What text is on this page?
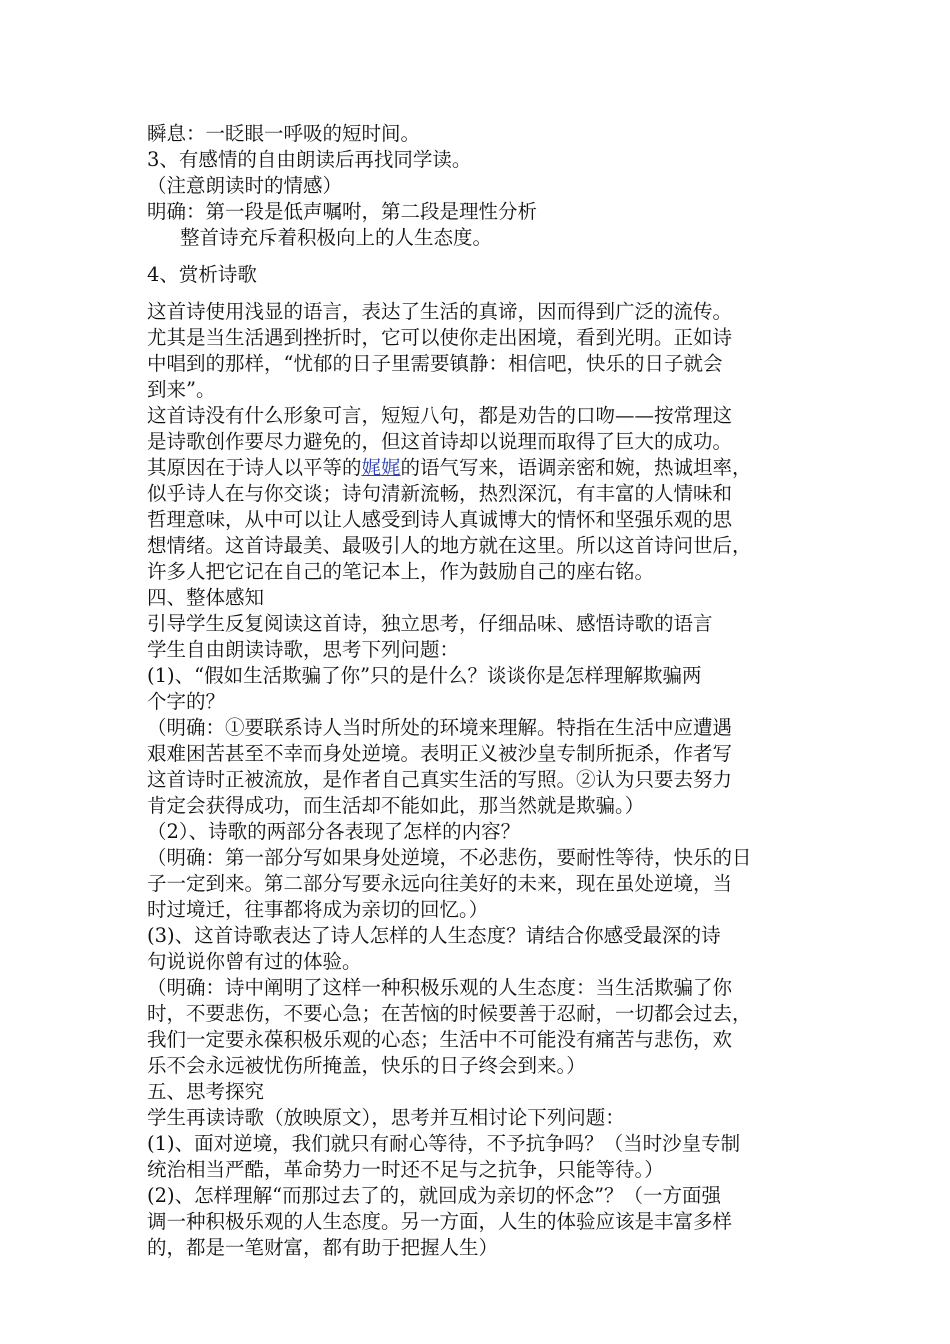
瞬息：一眨眼一呼吸的短时间。
3、有感情的自由朗读后再找同学读。
（注意朗读时的情感）
明确：第一段是低声嘱咐，第二段是理性分析
整首诗充斥着积极向上的人生态度。
4、赏析诗歌
这首诗使用浅显的语言，表达了生活的真谛，因而得到广泛的流传。
尤其是当生活遇到挫折时，它可以使你走出困境，看到光明。正如诗
中唱到的那样，“忧郁的日子里需要镇静：相信吧，快乐的日子就会
到来”。
这首诗没有什么形象可言，短短八句，都是劝告的口吻——按常理这
是诗歌创作要尽力避免的，但这首诗却以说理而取得了巨大的成功。
其原因在于诗人以平等的娓娓的语气写来，语调亲密和婉，热诚坦率，
似乎诗人在与你交谈；诗句清新流畅，热烈深沉，有丰富的人情味和
哲理意味，从中可以让人感受到诗人真诚博大的情怀和坚强乐观的思
想情绪。这首诗最美、最吸引人的地方就在这里。所以这首诗问世后，
许多人把它记在自己的笔记本上，作为鼓励自己的座右铭。
四、整体感知
引导学生反复阅读这首诗，独立思考，仔细品味、感悟诗歌的语言
学生自由朗读诗歌，思考下列问题：
(1)、“假如生活欺骗了你”只的是什么？谈谈你是怎样理解欺骗两
个字的？
（明确：①要联系诗人当时所处的环境来理解。特指在生活中应遭遇
艰难困苦甚至不幸而身处逆境。表明正义被沙皇专制所扼杀，作者写
这首诗时正被流放，是作者自己真实生活的写照。②认为只要去努力
肯定会获得成功，而生活却不能如此，那当然就是欺骗。）
（2）、诗歌的两部分各表现了怎样的内容？
（明确：第一部分写如果身处逆境，不必悲伤，要耐性等待，快乐的日
子一定到来。第二部分写要永远向往美好的未来，现在虽处逆境，当
时过境迁，往事都将成为亲切的回忆。）
(3)、这首诗歌表达了诗人怎样的人生态度？请结合你感受最深的诗
句说说你曾有过的体验。
（明确：诗中阐明了这样一种积极乐观的人生态度：当生活欺骗了你
时，不要悲伤，不要心急；在苦恼的时候要善于忍耐，一切都会过去，
我们一定要永葆积极乐观的心态；生活中不可能没有痛苦与悲伤，欢
乐不会永远被忧伤所掩盖，快乐的日子终会到来。）
五、思考探究
学生再读诗歌（放映原文），思考并互相讨论下列问题：
(1)、面对逆境，我们就只有耐心等待，不予抗争吗？（当时沙皇专制
统治相当严酷，革命势力一时还不足与之抗争，只能等待。）
(2)、怎样理解“而那过去了的，就回成为亲切的怀念”？（一方面强
调一种积极乐观的人生态度。另一方面，人生的体验应该是丰富多样
的，都是一笔财富，都有助于把握人生）
